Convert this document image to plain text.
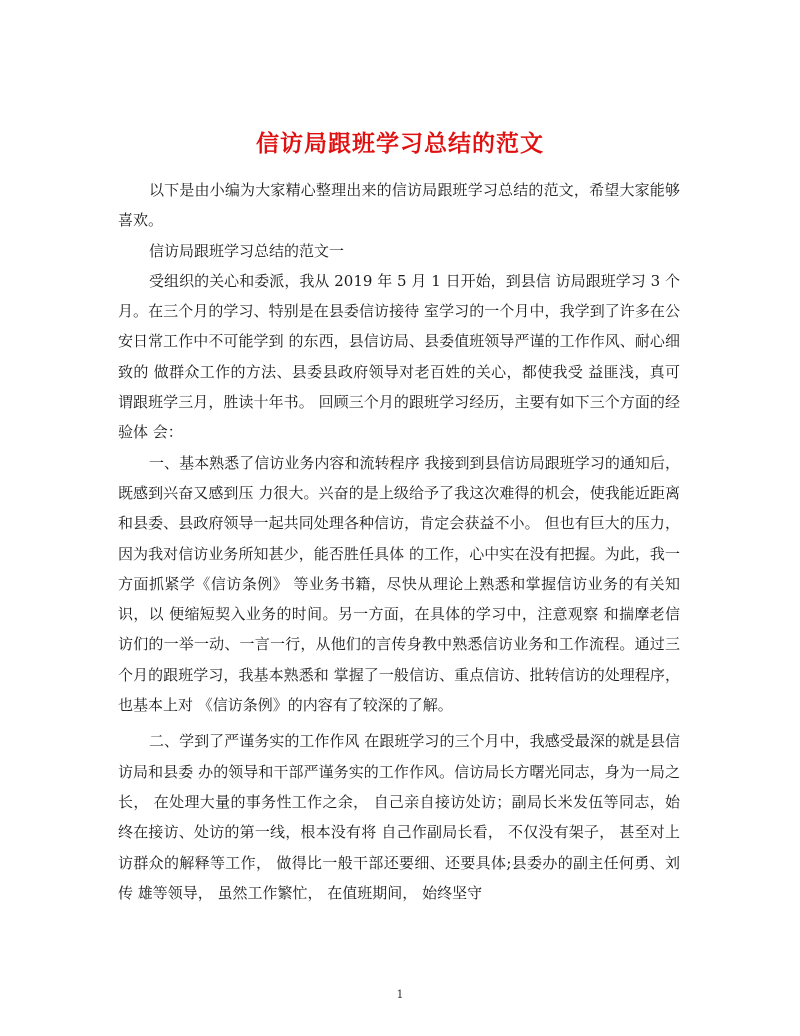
信访局跟班学习总结的范文

以下是由小编为大家精心整理出来的信访局跟班学习总结的范文，希望大家能够喜欢。

信访局跟班学习总结的范文一

受组织的关心和委派，我从 2019 年 5 月 1 日开始，到县信 访局跟班学习 3 个月。在三个月的学习、特别是在县委信访接待 室学习的一个月中，我学到了许多在公安日常工作中不可能学到 的东西，县信访局、县委值班领导严谨的工作作风、耐心细致的 做群众工作的方法、县委县政府领导对老百姓的关心，都使我受 益匪浅，真可谓跟班学三月，胜读十年书。 回顾三个月的跟班学习经历，主要有如下三个方面的经验体 会：

一、基本熟悉了信访业务内容和流转程序 我接到到县信访局跟班学习的通知后，既感到兴奋又感到压 力很大。兴奋的是上级给予了我这次难得的机会，使我能近距离 和县委、县政府领导一起共同处理各种信访，肯定会获益不小。 但也有巨大的压力，因为我对信访业务所知甚少，能否胜任具体 的工作，心中实在没有把握。为此，我一方面抓紧学《信访条例》 等业务书籍，尽快从理论上熟悉和掌握信访业务的有关知识，以 便缩短契入业务的时间。另一方面，在具体的学习中，注意观察 和揣摩老信访们的一举一动、一言一行，从他们的言传身教中熟悉信访业务和工作流程。通过三个月的跟班学习，我基本熟悉和 掌握了一般信访、重点信访、批转信访的处理程序，也基本上对 《信访条例》的内容有了较深的了解。

二、学到了严谨务实的工作作风 在跟班学习的三个月中，我感受最深的就是县信访局和县委 办的领导和干部严谨务实的工作作风。信访局长方曙光同志，身为一局之长， 在处理大量的事务性工作之余， 自己亲自接访处访；副局长米发伍等同志，始终在接访、处访的第一线，根本没有将 自己作副局长看， 不仅没有架子， 甚至对上访群众的解释等工作， 做得比一般干部还要细、还要具体;县委办的副主任何勇、刘传 雄等领导， 虽然工作繁忙， 在值班期间， 始终坚守

1
